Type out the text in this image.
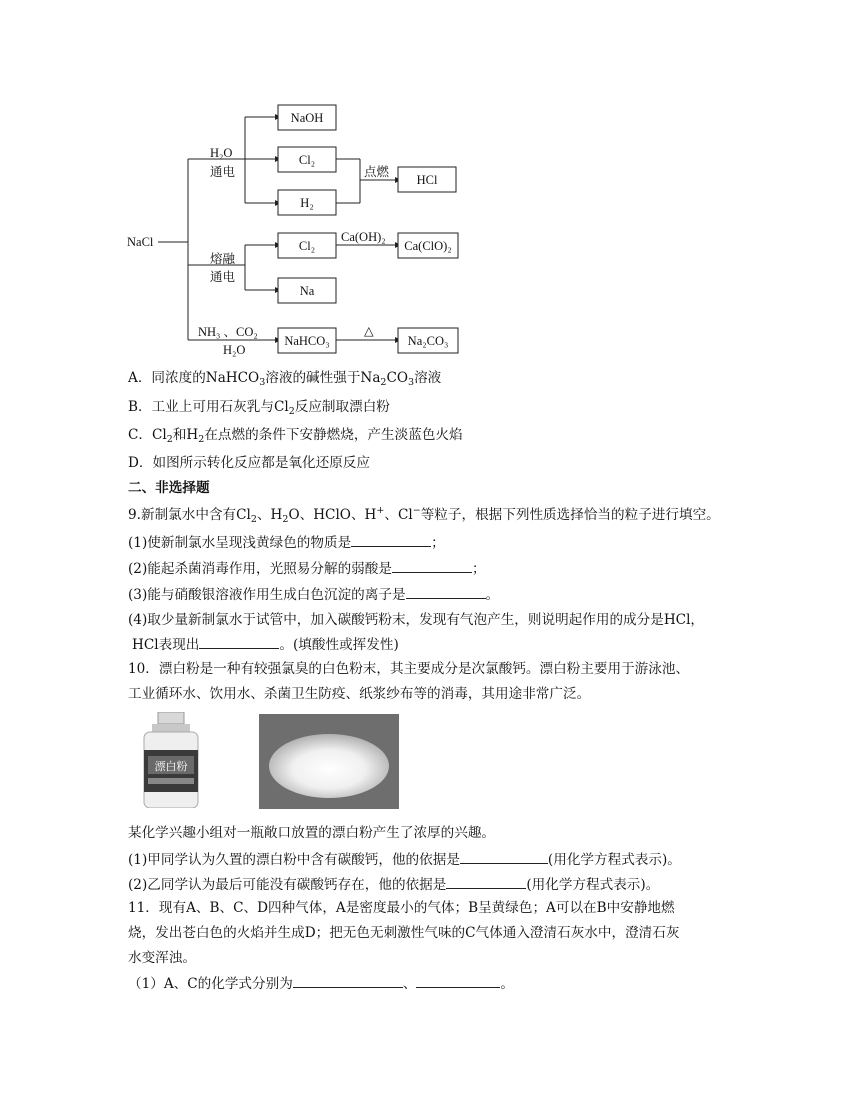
NaCl
H₂O
通电
熔融
通电
NH₃ 、CO₂
H₂O
NaOH
Cl₂
H₂
HCl
点燃
Cl₂
Ca(OH)₂
Ca(ClO)₂
Na
NaHCO₃
△
Na₂CO₃
A．同浓度的NaHCO$_3$溶液的碱性强于$Na_2CO_3$溶液
B．工业上可用石灰乳与$Cl_2$反应制取漂白粉
C．$Cl_2$和$H_2$在点燃的条件下安静燃烧，产生淡蓝色火焰
D．如图所示转化反应都是氧化还原反应
二、非选择题
9.新制氯水中含有$Cl_2$、$H_2O$、HClO、H+、Cl−等粒子，根据下列性质选择恰当的粒子进行填空。
(1)使新制氯水呈现浅黄绿色的物质是	；
(2)能起杀菌消毒作用，光照易分解的弱酸是	；
(3)能与硝酸银溶液作用生成白色沉淀的离子是	。
(4)取少量新制氯水于试管中，加入碳酸钙粉末，发现有气泡产生，则说明起作用的成分是HCl，
HCl表现出	。(填酸性或挥发性)
10．漂白粉是一种有较强氯臭的白色粉末，其主要成分是次氯酸钙。漂白粉主要用于游泳池、
工业循环水、饮用水、杀菌卫生防疫、纸浆纱布等的消毒，其用途非常广泛。
漂白粉
某化学兴趣小组对一瓶敞口放置的漂白粉产生了浓厚的兴趣。
(1)甲同学认为久置的漂白粉中含有碳酸钙，他的依据是	(用化学方程式表示)。
(2)乙同学认为最后可能没有碳酸钙存在，他的依据是	(用化学方程式表示)。
11．现有A、B、C、D四种气体，A是密度最小的气体；B呈黄绿色；A可以在B中安静地燃
烧，发出苍白色的火焰并生成D；把无色无刺激性气味的C气体通入澄清石灰水中，澄清石灰
水变浑浊。
（1）A、C的化学式分别为	、	。
